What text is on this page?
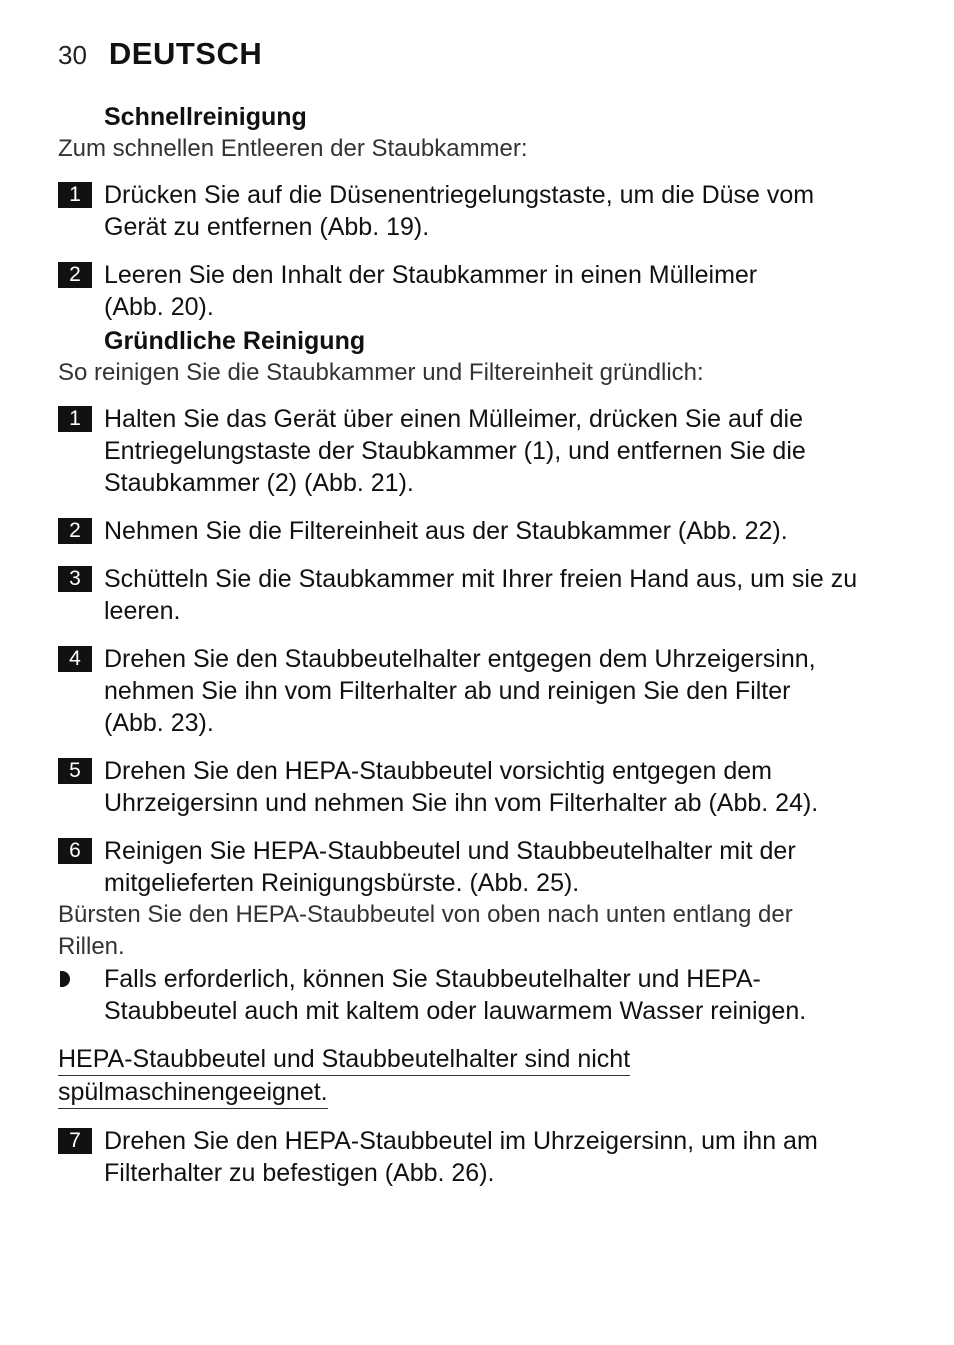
30 DEUTSCH
Schnellreinigung
Zum schnellen Entleeren der Staubkammer:
1 Drücken Sie auf die Düsenentriegelungstaste, um die Düse vom
Gerät zu entfernen (Abb. 19).
2 Leeren Sie den Inhalt der Staubkammer in einen Mülleimer
(Abb. 20).
Gründliche Reinigung
So reinigen Sie die Staubkammer und Filtereinheit gründlich:
1 Halten Sie das Gerät über einen Mülleimer, drücken Sie auf die
Entriegelungstaste der Staubkammer (1), und entfernen Sie die
Staubkammer (2) (Abb. 21).
2 Nehmen Sie die Filtereinheit aus der Staubkammer (Abb. 22).
3 Schütteln Sie die Staubkammer mit Ihrer freien Hand aus, um sie zu
leeren.
4 Drehen Sie den Staubbeutelhalter entgegen dem Uhrzeigersinn,
nehmen Sie ihn vom Filterhalter ab und reinigen Sie den Filter
(Abb. 23).
5 Drehen Sie den HEPA-Staubbeutel vorsichtig entgegen dem
Uhrzeigersinn und nehmen Sie ihn vom Filterhalter ab (Abb. 24).
6 Reinigen Sie HEPA-Staubbeutel und Staubbeutelhalter mit der
mitgelieferten Reinigungsbürste. (Abb. 25).
Bürsten Sie den HEPA-Staubbeutel von oben nach unten entlang der
Rillen.
Falls erforderlich, können Sie Staubbeutelhalter und HEPA-
Staubbeutel auch mit kaltem oder lauwarmem Wasser reinigen.
HEPA-Staubbeutel und Staubbeutelhalter sind nicht
spülmaschinengeeignet.
7 Drehen Sie den HEPA-Staubbeutel im Uhrzeigersinn, um ihn am
Filterhalter zu befestigen (Abb. 26).
